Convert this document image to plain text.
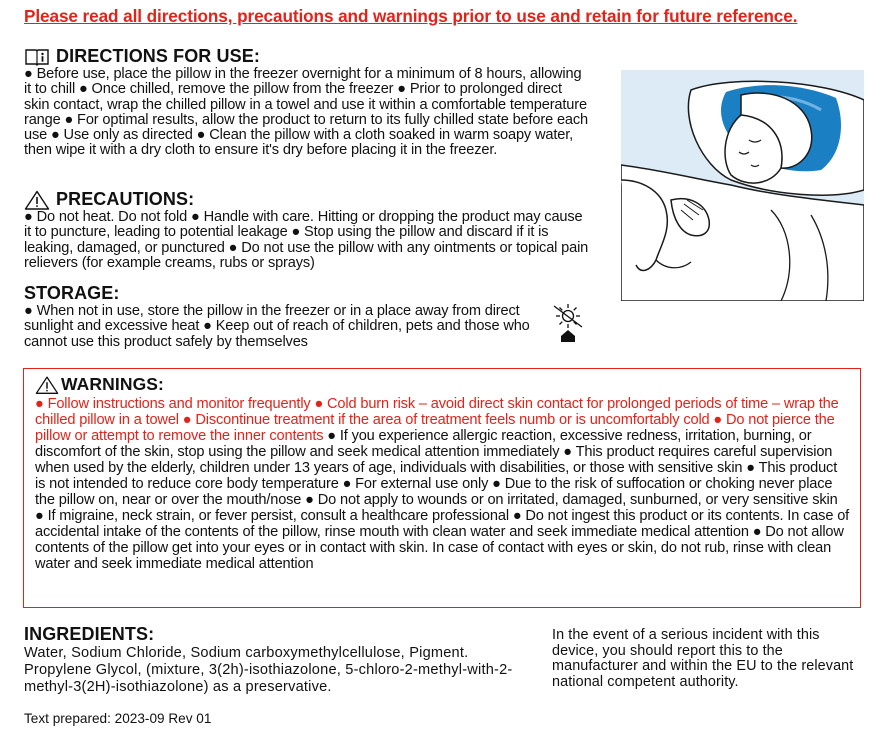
Please read all directions, precautions and warnings prior to use and retain for future reference.
DIRECTIONS FOR USE:
● Before use, place the pillow in the freezer overnight for a minimum of 8 hours, allowing it to chill ● Once chilled, remove the pillow from the freezer ● Prior to prolonged direct skin contact, wrap the chilled pillow in a towel and use it within a comfortable temperature range ● For optimal results, allow the product to return to its fully chilled state before each use ● Use only as directed ● Clean the pillow with a cloth soaked in warm soapy water, then wipe it with a dry cloth to ensure it's dry before placing it in the freezer.
PRECAUTIONS:
● Do not heat. Do not fold ● Handle with care. Hitting or dropping the product may cause it to puncture, leading to potential leakage ● Stop using the pillow and discard if it is leaking, damaged, or punctured ● Do not use the pillow with any ointments or topical pain relievers (for example creams, rubs or sprays)
STORAGE:
● When not in use, store the pillow in the freezer or in a place away from direct sunlight and excessive heat ● Keep out of reach of children, pets and those who cannot use this product safely by themselves
WARNINGS:
● Follow instructions and monitor frequently ● Cold burn risk – avoid direct skin contact for prolonged periods of time – wrap the chilled pillow in a towel ● Discontinue treatment if the area of treatment feels numb or is uncomfortably cold ● Do not pierce the pillow or attempt to remove the inner contents ● If you experience allergic reaction, excessive redness, irritation, burning, or discomfort of the skin, stop using the pillow and seek medical attention immediately ● This product requires careful supervision when used by the elderly, children under 13 years of age, individuals with disabilities, or those with sensitive skin ● This product is not intended to reduce core body temperature ● For external use only ● Due to the risk of suffocation or choking never place the pillow on, near or over the mouth/nose ● Do not apply to wounds or on irritated, damaged, sunburned, or very sensitive skin ● If migraine, neck strain, or fever persist, consult a healthcare professional ● Do not ingest this product or its contents. In case of accidental intake of the contents of the pillow, rinse mouth with clean water and seek immediate medical attention ● Do not allow contents of the pillow get into your eyes or in contact with skin. In case of contact with eyes or skin, do not rub, rinse with clean water and seek immediate medical attention
INGREDIENTS:
Water, Sodium Chloride, Sodium carboxymethylcellulose, Pigment. Propylene Glycol, (mixture, 3(2h)-isothiazolone, 5-chloro-2-methyl-with-2-methyl-3(2H)-isothiazolone) as a preservative.
In the event of a serious incident with this device, you should report this to the manufacturer and within the EU to the relevant national competent authority.
Text prepared: 2023-09 Rev 01
